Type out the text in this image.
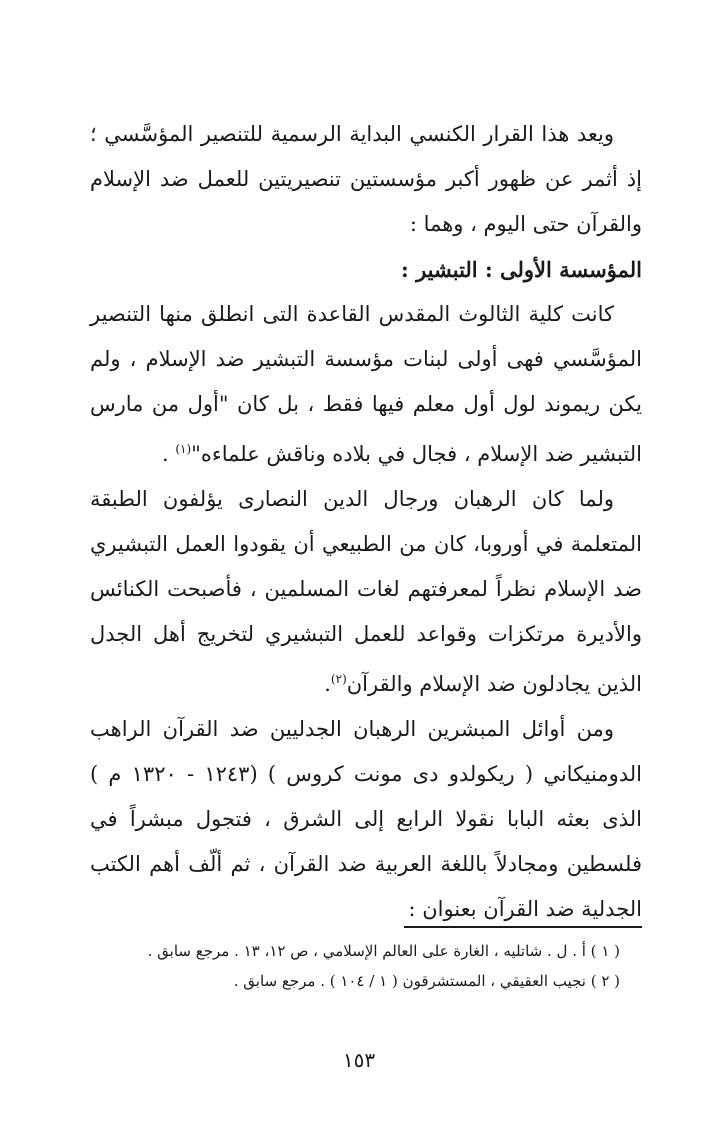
ويعد هذا القرار الكنسي البداية الرسمية للتنصير المؤسَّسي ؛ إذ أثمر عن ظهور أكبر مؤسستين تنصيريتين للعمل ضد الإسلام والقرآن حتى اليوم ، وهما :

المؤسسة الأولى : التبشير :

كانت كلية الثالوث المقدس القاعدة التى انطلق منها التنصير المؤسَّسي فهى أولى لبنات مؤسسة التبشير ضد الإسلام ، ولم يكن ريموند لول أول معلم فيها فقط ، بل كان "أول من مارس التبشير ضد الإسلام ، فجال في بلاده وناقش علماءه"$^{(١)}$ .

ولما كان الرهبان ورجال الدين النصارى يؤلفون الطبقة المتعلمة في أوروبا، كان من الطبيعي أن يقودوا العمل التبشيري ضد الإسلام نظراً لمعرفتهم لغات المسلمين ، فأصبحت الكنائس والأديرة مرتكزات وقواعد للعمل التبشيري لتخريج أهل الجدل الذين يجادلون ضد الإسلام والقرآن$^{(٢)}$.

ومن أوائل المبشرين الرهبان الجدليين ضد القرآن الراهب الدومنيكاني ( ريكولدو دى مونت كروس ) (١٢٤٣ - ١٣٢٠ م ) الذى بعثه البابا نقولا الرابع إلى الشرق ، فتجول مبشراً في فلسطين ومجادلاً باللغة العربية ضد القرآن ، ثم ألّف أهم الكتب الجدلية ضد القرآن بعنوان :

( ١ ) أ . ل . شاتليه ، الغارة على العالم الإسلامي ، ص ١٢، ١٣ . مرجع سابق .

( ٢ ) نجيب العقيقي ، المستشرقون ( ١ / ١٠٤ ) . مرجع سابق .

١٥٣
